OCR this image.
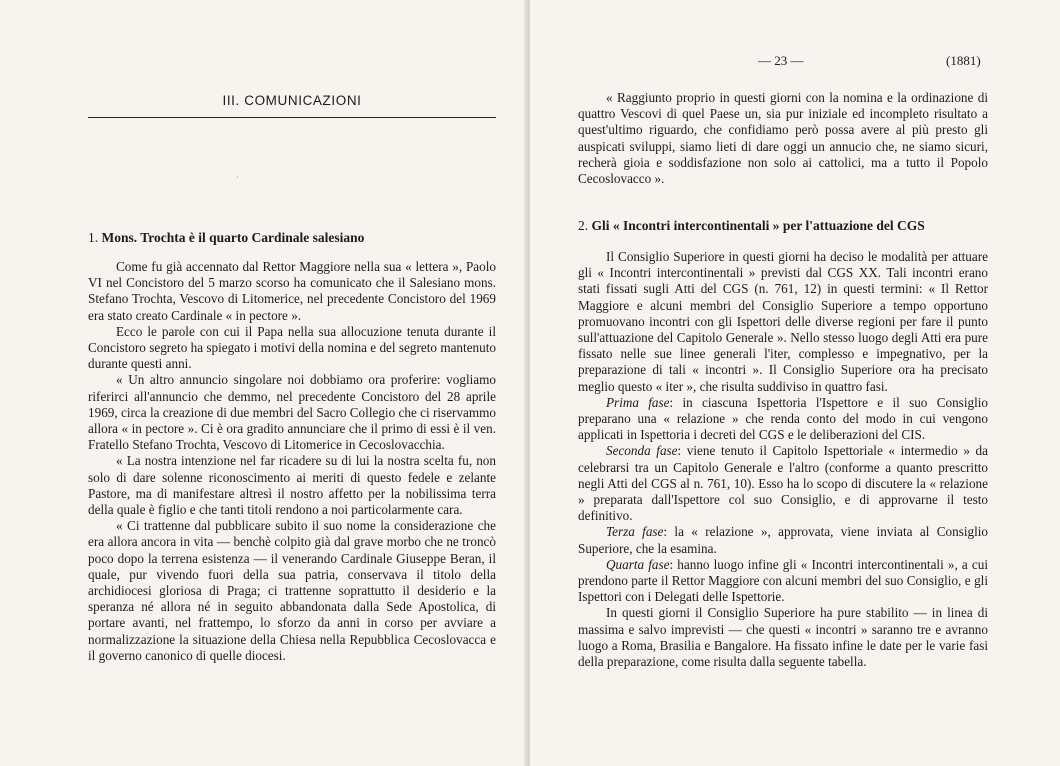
III. COMUNICAZIONI
·
1. Mons. Trochta è il quarto Cardinale salesiano

Come fu già accennato dal Rettor Maggiore nella sua « lettera », Paolo VI nel Concistoro del 5 marzo scorso ha comunicato che il Salesiano mons. Stefano Trochta, Vescovo di Litomerice, nel precedente Concistoro del 1969 era stato creato Cardinale « in pectore ».

Ecco le parole con cui il Papa nella sua allocuzione tenuta durante il Concistoro segreto ha spiegato i motivi della nomina e del segreto mantenuto durante questi anni.

« Un altro annuncio singolare noi dobbiamo ora proferire: vogliamo riferirci all'annuncio che demmo, nel precedente Concistoro del 28 aprile 1969, circa la creazione di due membri del Sacro Collegio che ci riservammo allora « in pectore ». Ci è ora gradito annunciare che il primo di essi è il ven. Fratello Stefano Trochta, Vescovo di Litomerice in Cecoslovacchia.

« La nostra intenzione nel far ricadere su di lui la nostra scelta fu, non solo di dare solenne riconoscimento ai meriti di questo fedele e zelante Pastore, ma di manifestare altresì il nostro affetto per la nobilissima terra della quale è figlio e che tanti titoli rendono a noi particolarmente cara.

« Ci trattenne dal pubblicare subito il suo nome la considerazione che era allora ancora in vita — benchè colpito già dal grave morbo che ne troncò poco dopo la terrena esistenza — il venerando Cardinale Giuseppe Beran, il quale, pur vivendo fuori della sua patria, conservava il titolo della archidiocesi gloriosa di Praga; ci trattenne soprattutto il desiderio e la speranza né allora né in seguito abbandonata dalla Sede Apostolica, di portare avanti, nel frattempo, lo sforzo da anni in corso per avviare a normalizzazione la situazione della Chiesa nella Repubblica Cecoslovacca e il governo canonico di quelle diocesi.

— 23 —	(1881)

« Raggiunto proprio in questi giorni con la nomina e la ordinazione di quattro Vescovi di quel Paese un, sia pur iniziale ed incompleto risultato a quest'ultimo riguardo, che confidiamo però possa avere al più presto gli auspicati sviluppi, siamo lieti di dare oggi un annucio che, ne siamo sicuri, recherà gioia e soddisfazione non solo ai cattolici, ma a tutto il Popolo Cecoslovacco ».

2. Gli « Incontri intercontinentali » per l'attuazione del CGS

Il Consiglio Superiore in questi giorni ha deciso le modalità per attuare gli « Incontri intercontinentali » previsti dal CGS XX. Tali incontri erano stati fissati sugli Atti del CGS (n. 761, 12) in questi termini: « Il Rettor Maggiore e alcuni membri del Consiglio Superiore a tempo opportuno promuovano incontri con gli Ispettori delle diverse regioni per fare il punto sull'attuazione del Capitolo Generale ». Nello stesso luogo degli Atti era pure fissato nelle sue linee generali l'iter, complesso e impegnativo, per la preparazione di tali « incontri ». Il Consiglio Superiore ora ha precisato meglio questo « iter », che risulta suddiviso in quattro fasi.

Prima fase: in ciascuna Ispettoria l'Ispettore e il suo Consiglio preparano una « relazione » che renda conto del modo in cui vengono applicati in Ispettoria i decreti del CGS e le deliberazioni del CIS.

Seconda fase: viene tenuto il Capitolo Ispettoriale « intermedio » da celebrarsi tra un Capitolo Generale e l'altro (conforme a quanto prescritto negli Atti del CGS al n. 761, 10). Esso ha lo scopo di discutere la « relazione » preparata dall'Ispettore col suo Consiglio, e di approvarne il testo definitivo.

Terza fase: la « relazione », approvata, viene inviata al Consiglio Superiore, che la esamina.

Quarta fase: hanno luogo infine gli « Incontri intercontinentali », a cui prendono parte il Rettor Maggiore con alcuni membri del suo Consiglio, e gli Ispettori con i Delegati delle Ispettorie.

In questi giorni il Consiglio Superiore ha pure stabilito — in linea di massima e salvo imprevisti — che questi « incontri » saranno tre e avranno luogo a Roma, Brasilia e Bangalore. Ha fissato infine le date per le varie fasi della preparazione, come risulta dalla seguente tabella.
